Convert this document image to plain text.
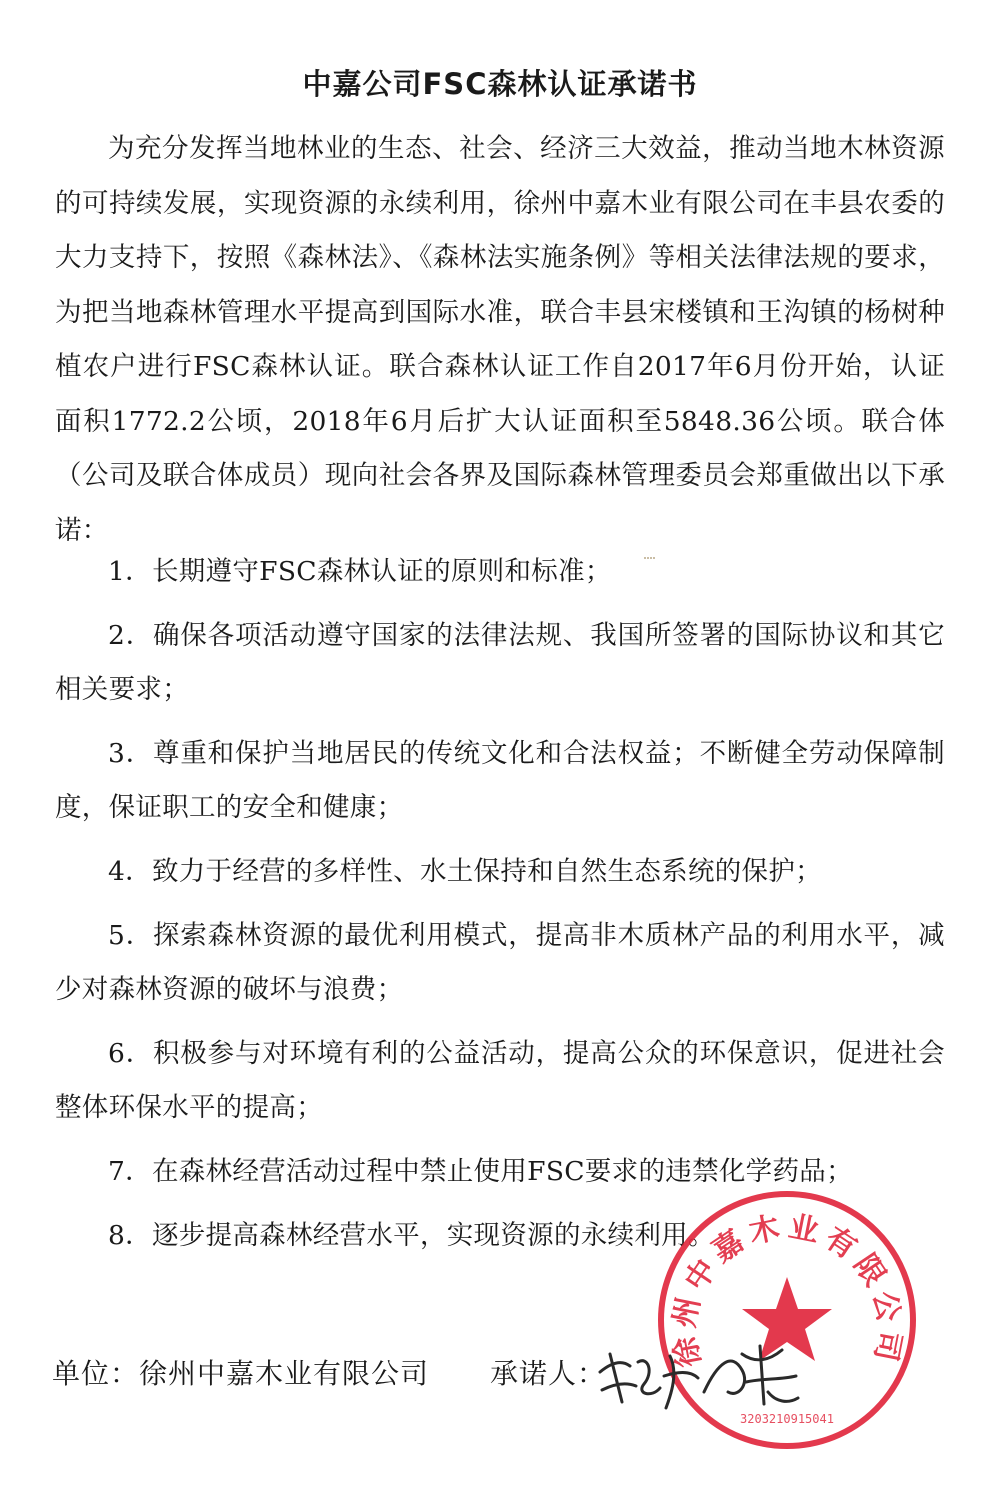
中嘉公司FSC森林认证承诺书
为充分发挥当地林业的生态、社会、经济三大效益，推动当地木林资源的可持续发展，实现资源的永续利用，徐州中嘉木业有限公司在丰县农委的大力支持下，按照《森林法》、《森林法实施条例》等相关法律法规的要求，为把当地森林管理水平提高到国际水准，联合丰县宋楼镇和王沟镇的杨树种植农户进行FSC森林认证。联合森林认证工作自2017年6月份开始，认证面积1772.2公顷，2018年6月后扩大认证面积至5848.36公顷。联合体（公司及联合体成员）现向社会各界及国际森林管理委员会郑重做出以下承诺：
1．长期遵守FSC森林认证的原则和标准；
2．确保各项活动遵守国家的法律法规、我国所签署的国际协议和其它相关要求；
3．尊重和保护当地居民的传统文化和合法权益；不断健全劳动保障制度，保证职工的安全和健康；
4．致力于经营的多样性、水土保持和自然生态系统的保护；
5．探索森林资源的最优利用模式，提高非木质林产品的利用水平，减少对森林资源的破坏与浪费；
6．积极参与对环境有利的公益活动，提高公众的环保意识，促进社会整体环保水平的提高；
7．在森林经营活动过程中禁止使用FSC要求的违禁化学药品；
8．逐步提高森林经营水平，实现资源的永续利用。
徐州中嘉木业有限公司
3203210915041
单位：徐州中嘉木业有限公司 承诺人：
